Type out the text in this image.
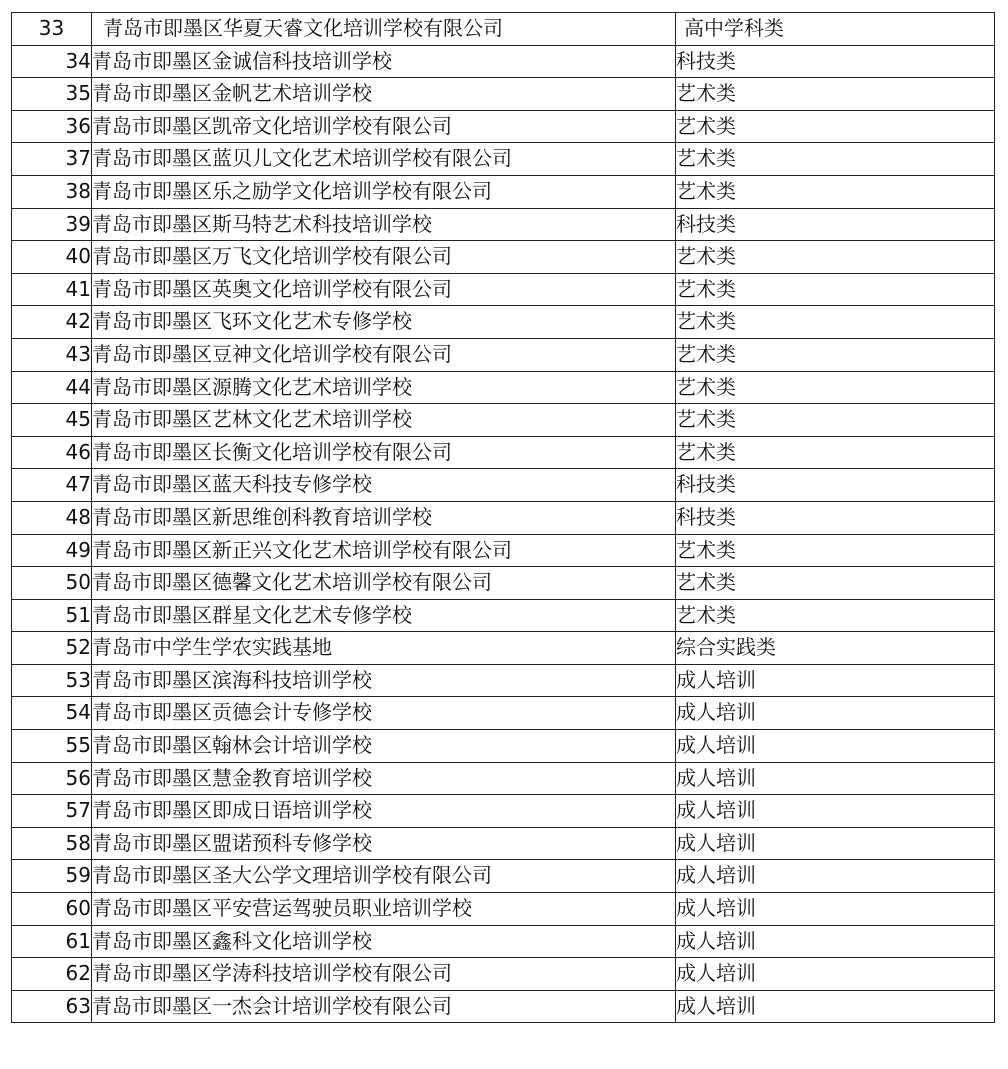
33	青岛市即墨区华夏天睿文化培训学校有限公司	高中学科类
34	青岛市即墨区金诚信科技培训学校	科技类
35	青岛市即墨区金帆艺术培训学校	艺术类
36	青岛市即墨区凯帝文化培训学校有限公司	艺术类
37	青岛市即墨区蓝贝儿文化艺术培训学校有限公司	艺术类
38	青岛市即墨区乐之励学文化培训学校有限公司	艺术类
39	青岛市即墨区斯马特艺术科技培训学校	科技类
40	青岛市即墨区万飞文化培训学校有限公司	艺术类
41	青岛市即墨区英奥文化培训学校有限公司	艺术类
42	青岛市即墨区飞环文化艺术专修学校	艺术类
43	青岛市即墨区豆神文化培训学校有限公司	艺术类
44	青岛市即墨区源腾文化艺术培训学校	艺术类
45	青岛市即墨区艺林文化艺术培训学校	艺术类
46	青岛市即墨区长衡文化培训学校有限公司	艺术类
47	青岛市即墨区蓝天科技专修学校	科技类
48	青岛市即墨区新思维创科教育培训学校	科技类
49	青岛市即墨区新正兴文化艺术培训学校有限公司	艺术类
50	青岛市即墨区德馨文化艺术培训学校有限公司	艺术类
51	青岛市即墨区群星文化艺术专修学校	艺术类
52	青岛市中学生学农实践基地	综合实践类
53	青岛市即墨区滨海科技培训学校	成人培训
54	青岛市即墨区贡德会计专修学校	成人培训
55	青岛市即墨区翰林会计培训学校	成人培训
56	青岛市即墨区慧金教育培训学校	成人培训
57	青岛市即墨区即成日语培训学校	成人培训
58	青岛市即墨区盟诺预科专修学校	成人培训
59	青岛市即墨区圣大公学文理培训学校有限公司	成人培训
60	青岛市即墨区平安营运驾驶员职业培训学校	成人培训
61	青岛市即墨区鑫科文化培训学校	成人培训
62	青岛市即墨区学涛科技培训学校有限公司	成人培训
63	青岛市即墨区一杰会计培训学校有限公司	成人培训
